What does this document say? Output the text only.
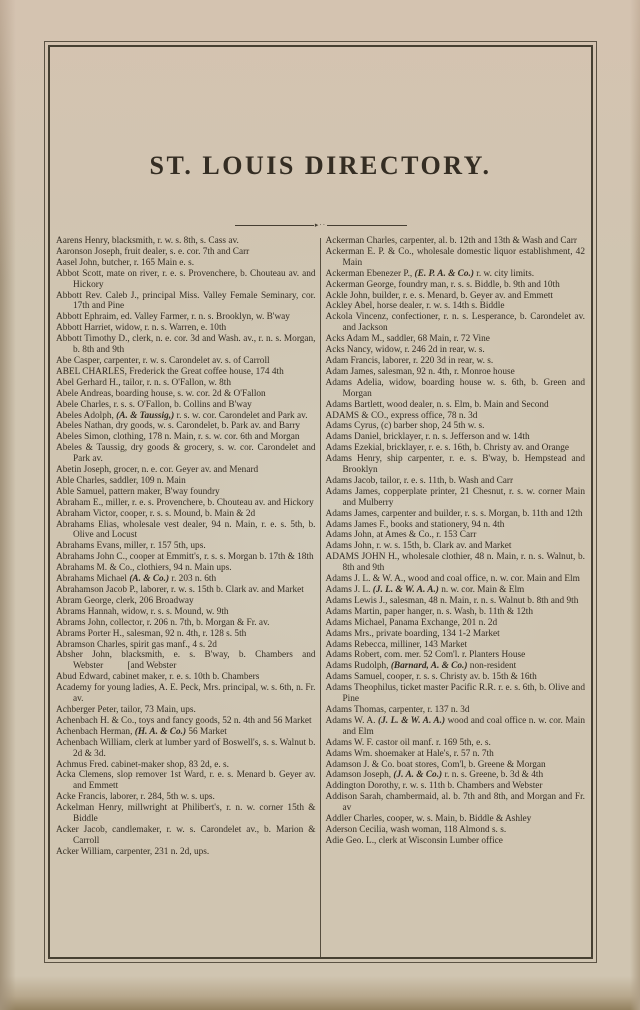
ST. LOUIS DIRECTORY.
▸··

Aarens Henry, blacksmith, r. w. s. 8th, s. Cass av.

Aaronson Joseph, fruit dealer, s. e. cor. 7th and Carr

Aasel John, butcher, r. 165 Main e. s.

Abbot Scott, mate on river, r. e. s. Provenchere, b. Chouteau av. and Hickory

Abbott Rev. Caleb J., principal Miss. Valley Female Seminary, cor. 17th and Pine

Abbott Ephraim, ed. Valley Farmer, r. n. s. Brooklyn, w. B'way

Abbott Harriet, widow, r. n. s. Warren, e. 10th

Abbott Timothy D., clerk, n. e. cor. 3d and Wash. av., r. n. s. Morgan, b. 8th and 9th

Abe Casper, carpenter, r. w. s. Carondelet av. s. of Carroll

ABEL CHARLES, Frederick the Great coffee house, 174 4th

Abel Gerhard H., tailor, r. n. s. O'Fallon, w. 8th

Abele Andreas, boarding house, s. w. cor. 2d & O'Fallon

Abele Charles, r. s. s. O'Fallon, b. Collins and B'way

Abeles Adolph, (A. & Taussig,) r. s. w. cor. Carondelet and Park av.

Abeles Nathan, dry goods, w. s. Carondelet, b. Park av. and Barry

Abeles Simon, clothing, 178 n. Main, r. s. w. cor. 6th and Morgan

Abeles & Taussig, dry goods & grocery, s. w. cor. Carondelet and Park av.

Abetin Joseph, grocer, n. e. cor. Geyer av. and Menard

Able Charles, saddler, 109 n. Main

Able Samuel, pattern maker, B'way foundry

Abraham E., miller, r. e. s. Provenchere, b. Chouteau av. and Hickory

Abraham Victor, cooper, r. s. s. Mound, b. Main & 2d

Abrahams Elias, wholesale vest dealer, 94 n. Main, r. e. s. 5th, b. Olive and Locust

Abrahams Evans, miller, r. 157 5th, ups.

Abrahams John C., cooper at Emmitt's, r. s. s. Morgan b. 17th & 18th

Abrahams M. & Co., clothiers, 94 n. Main ups.

Abrahams Michael (A. & Co.) r. 203 n. 6th

Abrahamson Jacob P., laborer, r. w. s. 15th b. Clark av. and Market

Abram George, clerk, 206 Broadway

Abrams Hannah, widow, r. s. s. Mound, w. 9th

Abrams John, collector, r. 206 n. 7th, b. Morgan & Fr. av.

Abrams Porter H., salesman, 92 n. 4th, r. 128 s. 5th

Abramson Charles, spirit gas manf., 4 s. 2d

Absher John, blacksmith, e. s. B'way, b. Chambers and Webster	[and Webster

Abud Edward, cabinet maker, r. e. s. 10th b. Chambers

Academy for young ladies, A. E. Peck, Mrs. principal, w. s. 6th, n. Fr. av.

Achberger Peter, tailor, 73 Main, ups.

Achenbach H. & Co., toys and fancy goods, 52 n. 4th and 56 Market

Achenbach Herman, (H. A. & Co.) 56 Market

Achenbach William, clerk at lumber yard of Boswell's, s. s. Walnut b. 2d & 3d.

Achmus Fred. cabinet-maker shop, 83 2d, e. s.

Acka Clemens, slop remover 1st Ward, r. e. s. Menard b. Geyer av. and Emmett

Acke Francis, laborer, r. 284, 5th w. s. ups.

Ackelman Henry, millwright at Philibert's, r. n. w. corner 15th & Biddle

Acker Jacob, candlemaker, r. w. s. Carondelet av., b. Marion & Carroll

Acker William, carpenter, 231 n. 2d, ups.

Ackerman Charles, carpenter, al. b. 12th and 13th & Wash and Carr

Ackerman E. P. & Co., wholesale domestic liquor establishment, 42 Main

Ackerman Ebenezer P., (E. P. A. & Co.) r. w. city limits.

Ackerman George, foundry man, r. s. s. Biddle, b. 9th and 10th

Ackle John, builder, r. e. s. Menard, b. Geyer av. and Emmett

Ackley Abel, horse dealer, r. w. s. 14th s. Biddle

Ackola Vincenz, confectioner, r. n. s. Lesperance, b. Carondelet av. and Jackson

Acks Adam M., saddler, 68 Main, r. 72 Vine

Acks Nancy, widow, r. 246 2d in rear, w. s.

Adam Francis, laborer, r. 220 3d in rear, w. s.

Adam James, salesman, 92 n. 4th, r. Monroe house

Adams Adelia, widow, boarding house w. s. 6th, b. Green and Morgan

Adams Bartlett, wood dealer, n. s. Elm, b. Main and Second

ADAMS & CO., express office, 78 n. 3d

Adams Cyrus, (c) barber shop, 24 5th w. s.

Adams Daniel, bricklayer, r. n. s. Jefferson and w. 14th

Adams Ezekial, bricklayer, r. e. s. 16th, b. Christy av. and Orange

Adams Henry, ship carpenter, r. e. s. B'way, b. Hempstead and Brooklyn

Adams Jacob, tailor, r. e. s. 11th, b. Wash and Carr

Adams James, copperplate printer, 21 Chesnut, r. s. w. corner Main and Mulberry

Adams James, carpenter and builder, r. s. s. Morgan, b. 11th and 12th

Adams James F., books and stationery, 94 n. 4th

Adams John, at Ames & Co., r. 153 Carr

Adams John, r. w. s. 15th, b. Clark av. and Market

ADAMS JOHN H., wholesale clothier, 48 n. Main, r. n. s. Walnut, b. 8th and 9th

Adams J. L. & W. A., wood and coal office, n. w. cor. Main and Elm

Adams J. L. (J. L. & W. A. A.) n. w. cor. Main & Elm

Adams Lewis J., salesman, 48 n. Main, r. n. s. Walnut b. 8th and 9th

Adams Martin, paper hanger, n. s. Wash, b. 11th & 12th

Adams Michael, Panama Exchange, 201 n. 2d

Adams Mrs., private boarding, 134 1-2 Market

Adams Rebecca, milliner, 143 Market

Adams Robert, com. mer. 52 Com'l. r. Planters House

Adams Rudolph, (Barnard, A. & Co.) non-resident

Adams Samuel, cooper, r. s. s. Christy av. b. 15th & 16th

Adams Theophilus, ticket master Pacific R.R. r. e. s. 6th, b. Olive and Pine

Adams Thomas, carpenter, r. 137 n. 3d

Adams W. A. (J. L. & W. A. A.) wood and coal office n. w. cor. Main and Elm

Adams W. F. castor oil manf. r. 169 5th, e. s.

Adams Wm. shoemaker at Hale's, r. 57 n. 7th

Adamson J. & Co. boat stores, Com'l, b. Greene & Morgan

Adamson Joseph, (J. A. & Co.) r. n. s. Greene, b. 3d & 4th

Addington Dorothy, r. w. s. 11th b. Chambers and Webster

Addison Sarah, chambermaid, al. b. 7th and 8th, and Morgan and Fr. av

Addler Charles, cooper, w. s. Main, b. Biddle & Ashley

Aderson Cecilia, wash woman, 118 Almond s. s.

Adie Geo. L., clerk at Wisconsin Lumber office
